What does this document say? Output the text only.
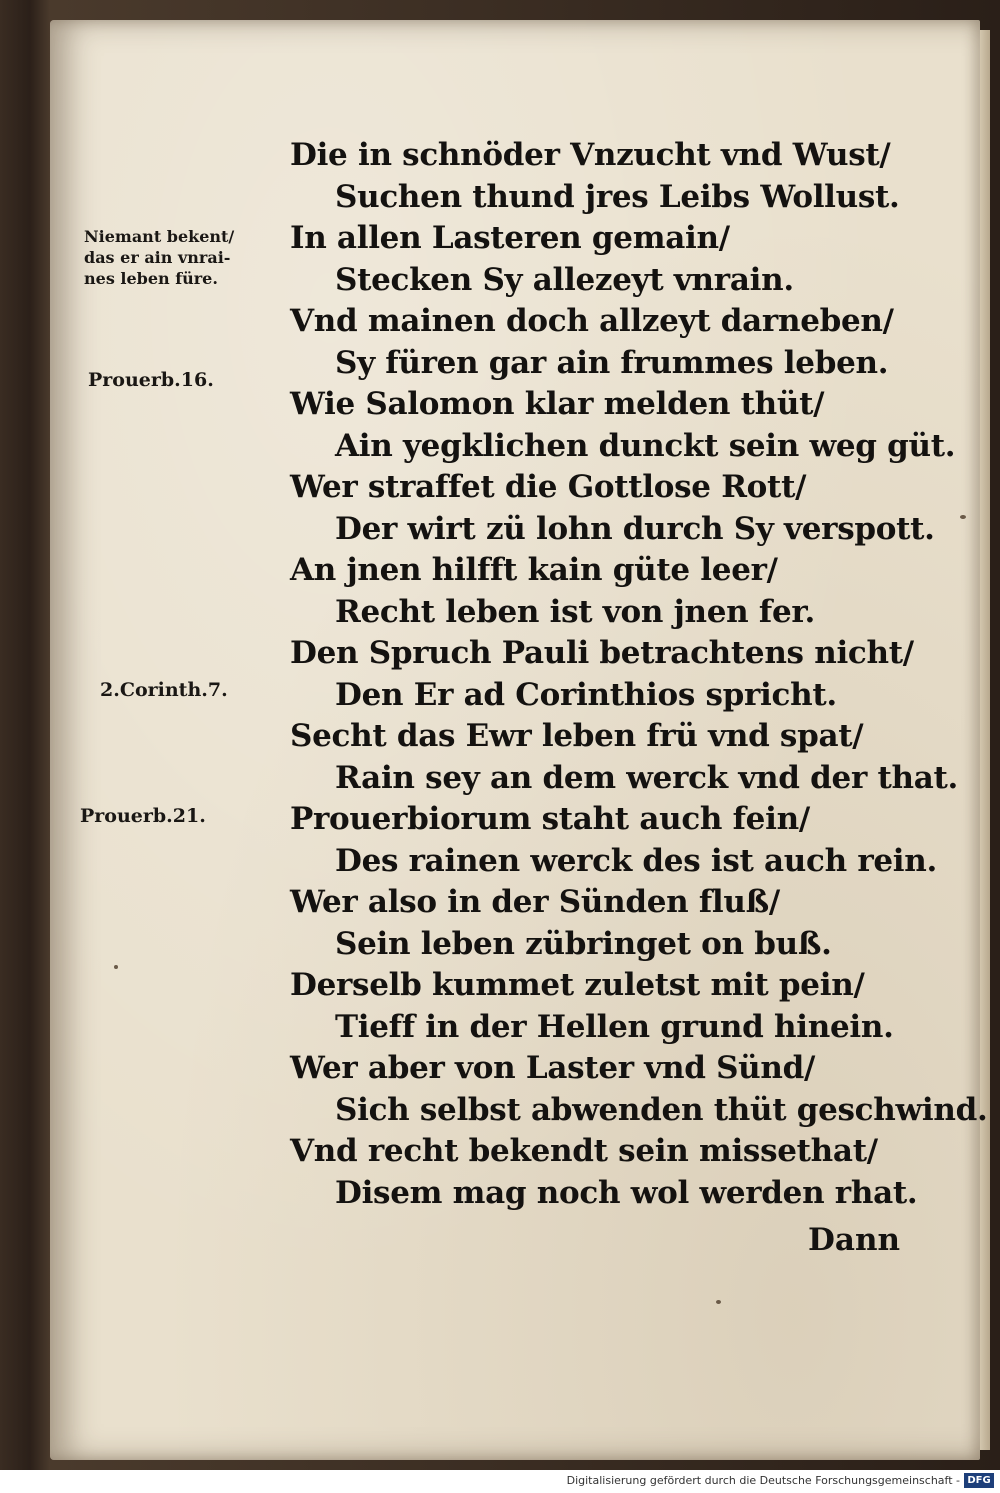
Niemant bekent/
das er ain vnrai-
nes leben füre.
Prouerb.16.
2.Corinth.7.
Prouerb.21.
Die in schnöder Vnzucht vnd Wust/
Suchen thund jres Leibs Wollust.
In allen Lasteren gemain/
Stecken Sy allezeyt vnrain.
Vnd mainen doch allzeyt darneben/
Sy füren gar ain frummes leben.
Wie Salomon klar melden thüt/
Ain yegklichen dunckt sein weg güt.
Wer straffet die Gottlose Rott/
Der wirt zü lohn durch Sy verspott.
An jnen hilfft kain güte leer/
Recht leben ist von jnen fer.
Den Spruch Pauli betrachtens nicht/
Den Er ad Corinthios spricht.
Secht das Ewr leben frü vnd spat/
Rain sey an dem werck vnd der that.
Prouerbiorum staht auch fein/
Des rainen werck des ist auch rein.
Wer also in der Sünden fluß/
Sein leben zübringet on buß.
Derselb kummet zuletst mit pein/
Tieff in der Hellen grund hinein.
Wer aber von Laster vnd Sünd/
Sich selbst abwenden thüt geschwind.
Vnd recht bekendt sein missethat/
Disem mag noch wol werden rhat.
Dann
Digitalisierung gefördert durch die Deutsche Forschungsgemeinschaft - DFG
